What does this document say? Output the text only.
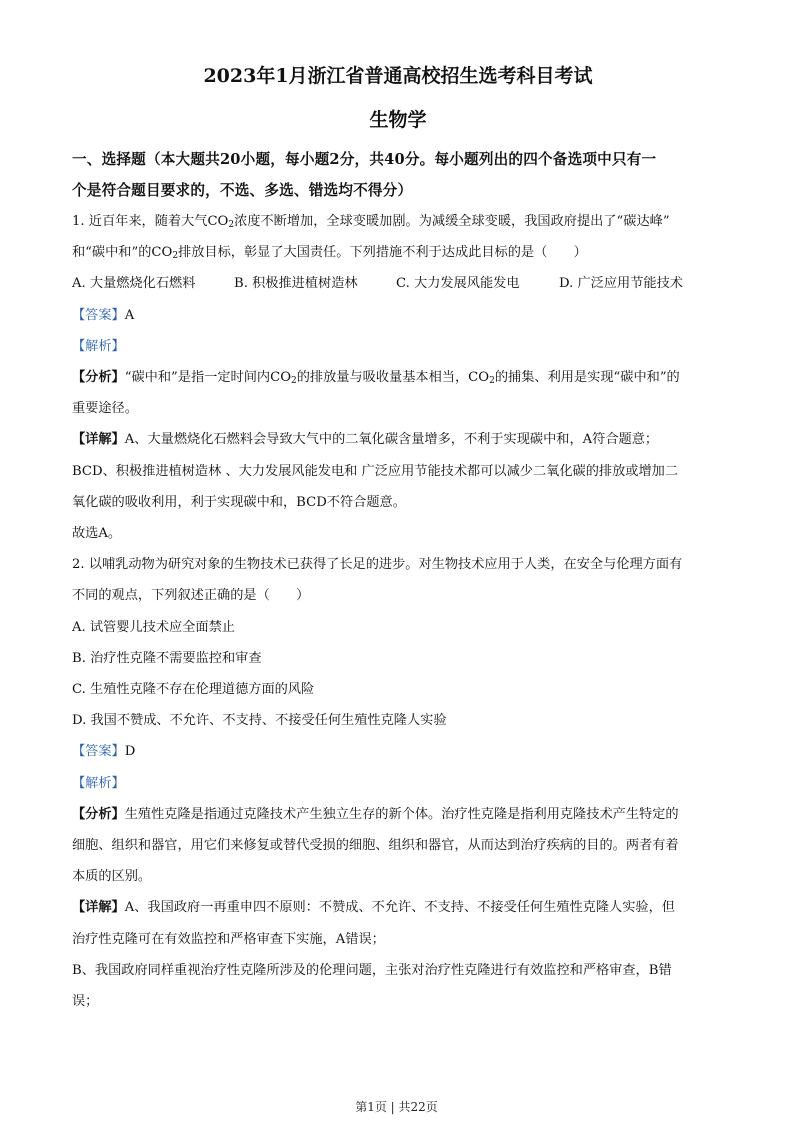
2023年1月浙江省普通高校招生选考科目考试
生物学

一、选择题（本大题共20小题，每小题2分，共40分。每小题列出的四个备选项中只有一

个是符合题目要求的，不选、多选、错选均不得分）

1. 近百年来，随着大气$CO_2$浓度不断增加，全球变暖加剧。为减缓全球变暖，我国政府提出了“碳达峰”

和“碳中和”的$CO_2$排放目标，彰显了大国责任。下列措施不利于达成此目标的是（　　）

A. 大量燃烧化石燃料	B. 积极推进植树造林	C. 大力发展风能发电	D. 广泛应用节能技术

【答案】A

【解析】

【分析】“碳中和”是指一定时间内$CO_2$的排放量与吸收量基本相当，$CO_2$的捕集、利用是实现“碳中和”的

重要途径。

【详解】A、大量燃烧化石燃料会导致大气中的二氧化碳含量增多，不利于实现碳中和，A符合题意；

BCD、积极推进植树造林 、大力发展风能发电和 广泛应用节能技术都可以减少二氧化碳的排放或增加二

氧化碳的吸收利用，利于实现碳中和，BCD不符合题意。

故选A。

2. 以哺乳动物为研究对象的生物技术已获得了长足的进步。对生物技术应用于人类，在安全与伦理方面有

不同的观点，下列叙述正确的是（　　）

A. 试管婴儿技术应全面禁止

B. 治疗性克隆不需要监控和审查

C. 生殖性克隆不存在伦理道德方面的风险

D. 我国不赞成、不允许、不支持、不接受任何生殖性克隆人实验

【答案】D

【解析】

【分析】生殖性克隆是指通过克隆技术产生独立生存的新个体。治疗性克隆是指利用克隆技术产生特定的

细胞、组织和器官，用它们来修复或替代受损的细胞、组织和器官，从而达到治疗疾病的目的。两者有着

本质的区别。

【详解】A、我国政府一再重申四不原则：不赞成、不允许、不支持、不接受任何生殖性克隆人实验，但

治疗性克隆可在有效监控和严格审查下实施，A错误；

B、我国政府同样重视治疗性克隆所涉及的伦理问题，主张对治疗性克隆进行有效监控和严格审查，B错

误；

第1页 | 共22页
